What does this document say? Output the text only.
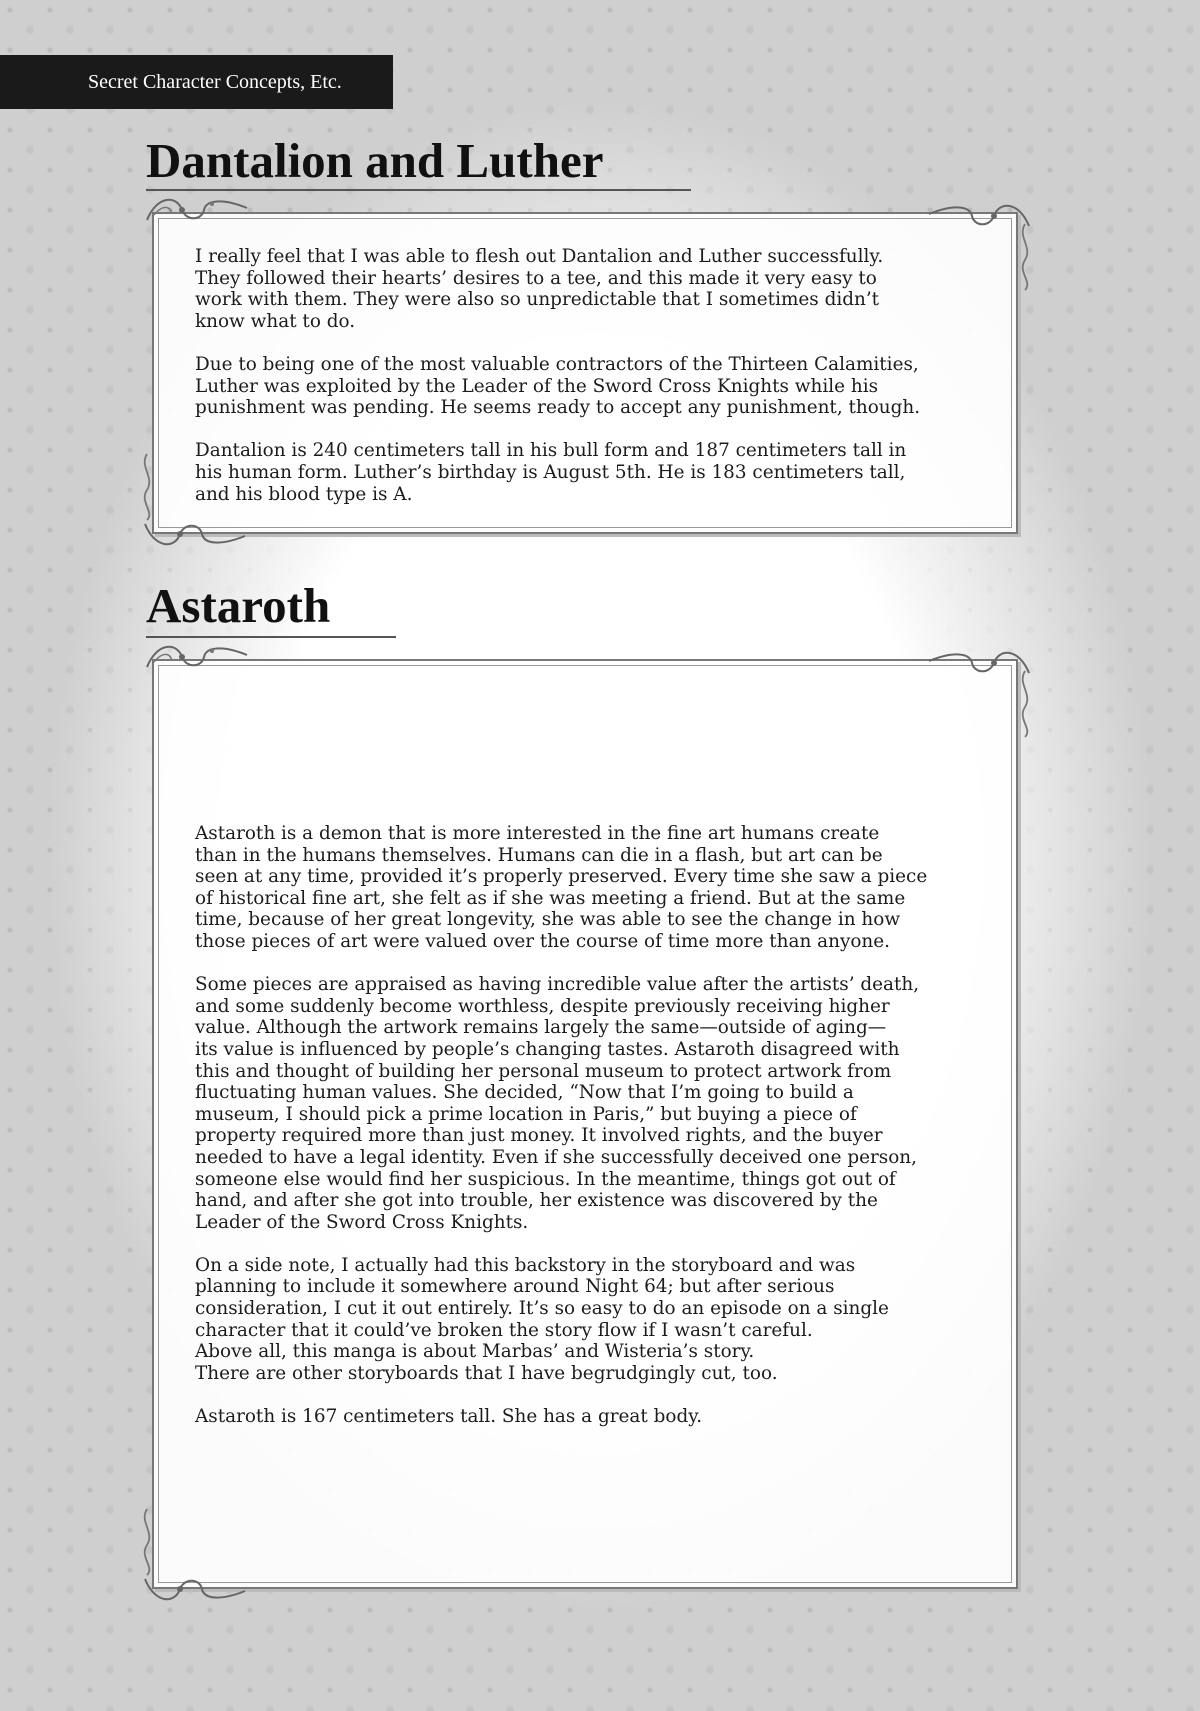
Secret Character Concepts, Etc.
Dantalion and Luther

I really feel that I was able to flesh out Dantalion and Luther successfully.
They followed their hearts’ desires to a tee, and this made it very easy to
work with them. They were also so unpredictable that I sometimes didn’t
know what to do.

Due to being one of the most valuable contractors of the Thirteen Calamities,
Luther was exploited by the Leader of the Sword Cross Knights while his
punishment was pending. He seems ready to accept any punishment, though.

Dantalion is 240 centimeters tall in his bull form and 187 centimeters tall in
his human form. Luther’s birthday is August 5th. He is 183 centimeters tall,
and his blood type is A.

Astaroth

Astaroth is a demon that is more interested in the fine art humans create
than in the humans themselves. Humans can die in a flash, but art can be
seen at any time, provided it’s properly preserved. Every time she saw a piece
of historical fine art, she felt as if she was meeting a friend. But at the same
time, because of her great longevity, she was able to see the change in how
those pieces of art were valued over the course of time more than anyone.

Some pieces are appraised as having incredible value after the artists’ death,
and some suddenly become worthless, despite previously receiving higher
value. Although the artwork remains largely the same—outside of aging—
its value is influenced by people’s changing tastes. Astaroth disagreed with
this and thought of building her personal museum to protect artwork from
fluctuating human values. She decided, “Now that I’m going to build a
museum, I should pick a prime location in Paris,” but buying a piece of
property required more than just money. It involved rights, and the buyer
needed to have a legal identity. Even if she successfully deceived one person,
someone else would find her suspicious. In the meantime, things got out of
hand, and after she got into trouble, her existence was discovered by the
Leader of the Sword Cross Knights.

On a side note, I actually had this backstory in the storyboard and was
planning to include it somewhere around Night 64; but after serious
consideration, I cut it out entirely. It’s so easy to do an episode on a single
character that it could’ve broken the story flow if I wasn’t careful.
Above all, this manga is about Marbas’ and Wisteria’s story.
There are other storyboards that I have begrudgingly cut, too.

Astaroth is 167 centimeters tall. She has a great body.
